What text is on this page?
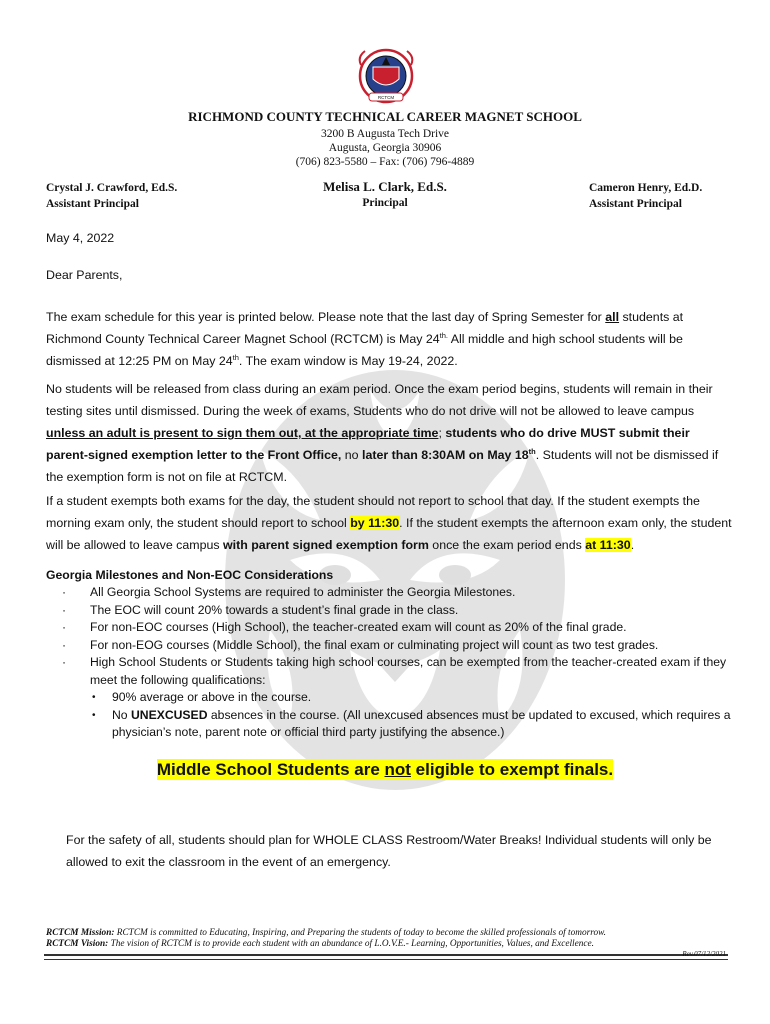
RCTCM
RICHMOND COUNTY TECHNICAL CAREER MAGNET SCHOOL
3200 B Augusta Tech Drive
Augusta, Georgia 30906
(706) 823-5580 – Fax: (706) 796-4889
Crystal J. Crawford, Ed.S.
Assistant Principal
Melisa L. Clark, Ed.S.
Principal
Cameron Henry, Ed.D.
Assistant Principal
May 4, 2022
Dear Parents,
The exam schedule for this year is printed below. Please note that the last day of Spring Semester for all students at Richmond County Technical Career Magnet School (RCTCM) is May $24^{th.}$ All middle and high school students will be dismissed at 12:25 PM on May 24th. The exam window is May 19-24, 2022.
No students will be released from class during an exam period. Once the exam period begins, students will remain in their testing sites until dismissed. During the week of exams, Students who do not drive will not be allowed to leave campus unless an adult is present to sign them out, at the appropriate time; students who do drive MUST submit their parent-signed exemption letter to the Front Office, no later than 8:30AM on May 18th. Students will not be dismissed if the exemption form is not on file at RCTCM.
If a student exempts both exams for the day, the student should not report to school that day. If the student exempts the morning exam only, the student should report to school by 11:30. If the student exempts the afternoon exam only, the student will be allowed to leave campus with parent signed exemption form once the exam period ends at 11:30.
Georgia Milestones and Non-EOC Considerations
· All Georgia School Systems are required to administer the Georgia Milestones.
· The EOC will count 20% towards a student’s final grade in the class.
· For non-EOC courses (High School), the teacher-created exam will count as 20% of the final grade.
· For non-EOG courses (Middle School), the final exam or culminating project will count as two test grades.
· High School Students or Students taking high school courses, can be exempted from the teacher-created exam if they meet the following qualifications:
• 90% average or above in the course.
• No UNEXCUSED absences in the course. (All unexcused absences must be updated to excused, which requires a physician’s note, parent note or official third party justifying the absence.)
Middle School Students are not eligible to exempt finals.
For the safety of all, students should plan for WHOLE CLASS Restroom/Water Breaks! Individual students will only be allowed to exit the classroom in the event of an emergency.
RCTCM Mission: RCTCM is committed to Educating, Inspiring, and Preparing the students of today to become the skilled professionals of tomorrow.
RCTCM Vision: The vision of RCTCM is to provide each student with an abundance of L.O.V.E.- Learning, Opportunities, Values, and Excellence.
Rev.07/12/2021
